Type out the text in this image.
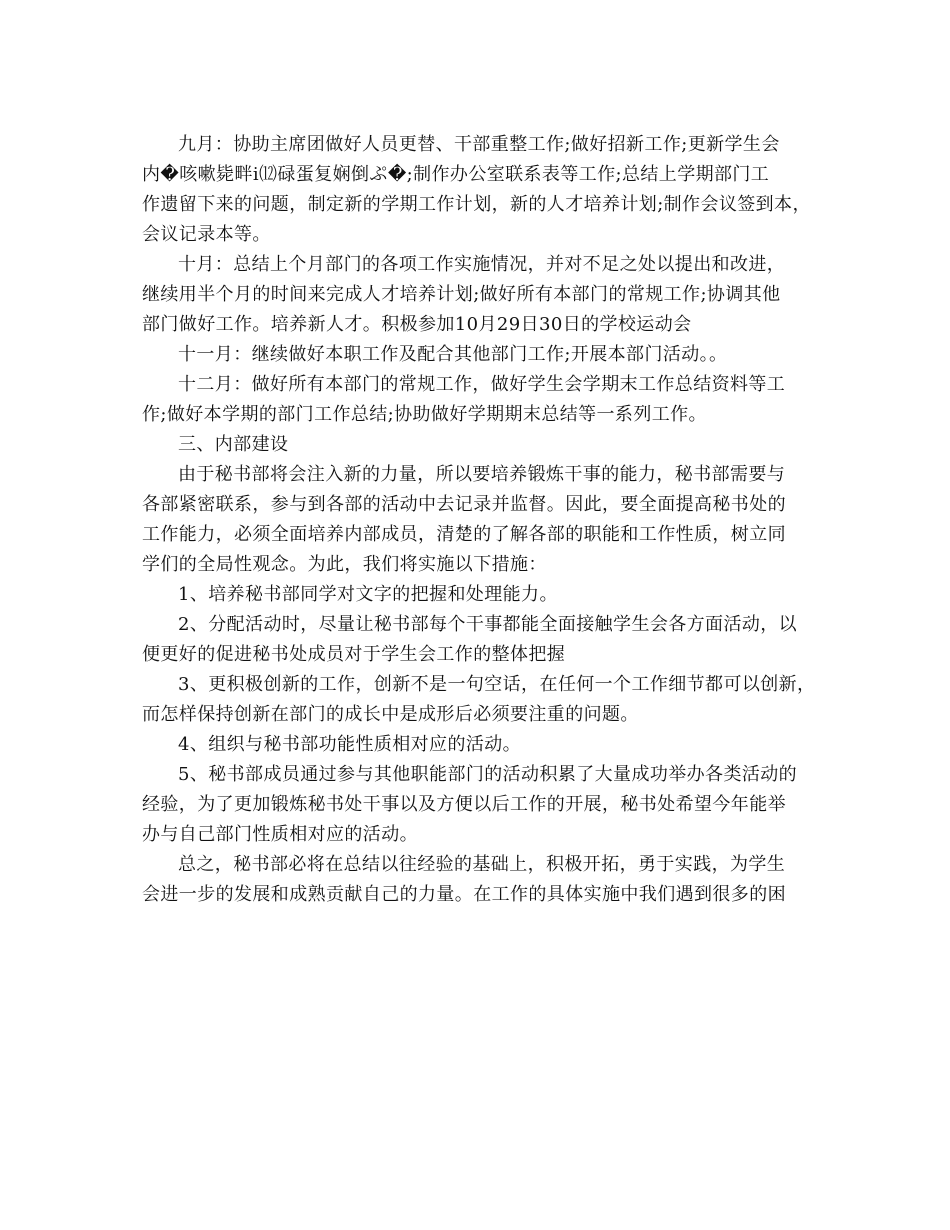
九月：协助主席团做好人员更替、干部重整工作;做好招新工作;更新学生会
内�咳嗽毙畔ⅰ⑿碌蛋复娴倒ぷ�;制作办公室联系表等工作;总结上学期部门工
作遗留下来的问题，制定新的学期工作计划，新的人才培养计划;制作会议签到本，
会议记录本等。
十月：总结上个月部门的各项工作实施情况，并对不足之处以提出和改进，
继续用半个月的时间来完成人才培养计划;做好所有本部门的常规工作;协调其他
部门做好工作。培养新人才。积极参加10月29日30日的学校运动会
十一月：继续做好本职工作及配合其他部门工作;开展本部门活动。。
十二月：做好所有本部门的常规工作，做好学生会学期末工作总结资料等工
作;做好本学期的部门工作总结;协助做好学期期末总结等一系列工作。
三、内部建设
由于秘书部将会注入新的力量，所以要培养锻炼干事的能力，秘书部需要与
各部紧密联系，参与到各部的活动中去记录并监督。因此，要全面提高秘书处的
工作能力，必须全面培养内部成员，清楚的了解各部的职能和工作性质，树立同
学们的全局性观念。为此，我们将实施以下措施：
1、培养秘书部同学对文字的把握和处理能力。
2、分配活动时，尽量让秘书部每个干事都能全面接触学生会各方面活动，以
便更好的促进秘书处成员对于学生会工作的整体把握
3、更积极创新的工作，创新不是一句空话，在任何一个工作细节都可以创新，
而怎样保持创新在部门的成长中是成形后必须要注重的问题。
4、组织与秘书部功能性质相对应的活动。
5、秘书部成员通过参与其他职能部门的活动积累了大量成功举办各类活动的
经验，为了更加锻炼秘书处干事以及方便以后工作的开展，秘书处希望今年能举
办与自己部门性质相对应的活动。
总之，秘书部必将在总结以往经验的基础上，积极开拓，勇于实践，为学生
会进一步的发展和成熟贡献自己的力量。在工作的具体实施中我们遇到很多的困
